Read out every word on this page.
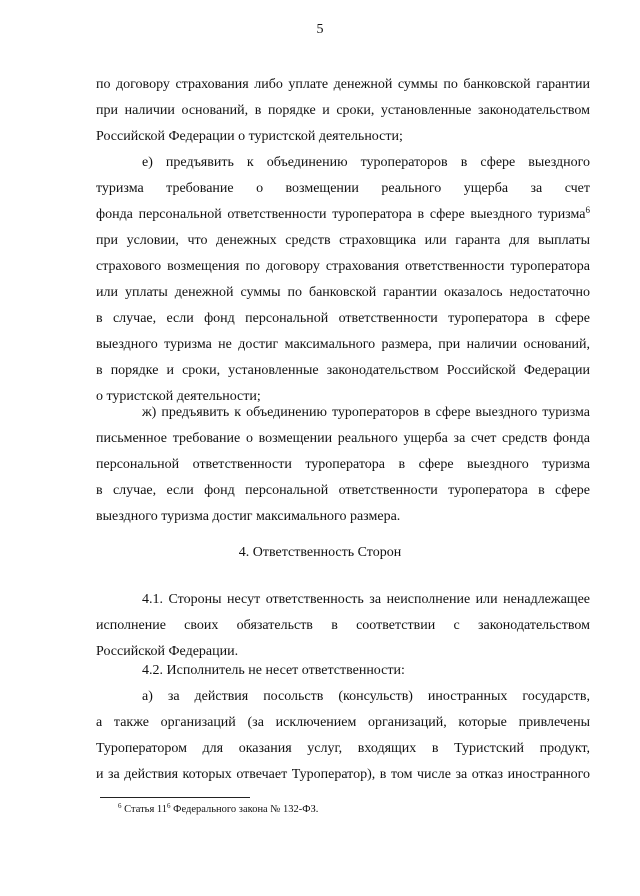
5
по договору страхования либо уплате денежной суммы по банковской гарантии
при наличии оснований, в порядке и сроки, установленные законодательством
Российской Федерации о туристской деятельности;
е) предъявить к объединению туроператоров в сфере выездного
туризма требование о возмещении реального ущерба за счет
фонда персональной ответственности туроператора в сфере выездного туризма$^6$
при условии, что денежных средств страховщика или гаранта для выплаты
страхового возмещения по договору страхования ответственности туроператора
или уплаты денежной суммы по банковской гарантии оказалось недостаточно
в случае, если фонд персональной ответственности туроператора в сфере
выездного туризма не достиг максимального размера, при наличии оснований,
в порядке и сроки, установленные законодательством Российской Федерации
о туристской деятельности;
ж) предъявить к объединению туроператоров в сфере выездного туризма
письменное требование о возмещении реального ущерба за счет средств фонда
персональной ответственности туроператора в сфере выездного туризма
в случае, если фонд персональной ответственности туроператора в сфере
выездного туризма достиг максимального размера.
4. Ответственность Сторон
4.1. Стороны несут ответственность за неисполнение или ненадлежащее
исполнение своих обязательств в соответствии с законодательством
Российской Федерации.
4.2. Исполнитель не несет ответственности:
а) за действия посольств (консульств) иностранных государств,
а также организаций (за исключением организаций, которые привлечены
Туроператором для оказания услуг, входящих в Туристский продукт,
и за действия которых отвечает Туроператор), в том числе за отказ иностранного
$^6$ Статья $11^6$ Федерального закона № 132-ФЗ.
